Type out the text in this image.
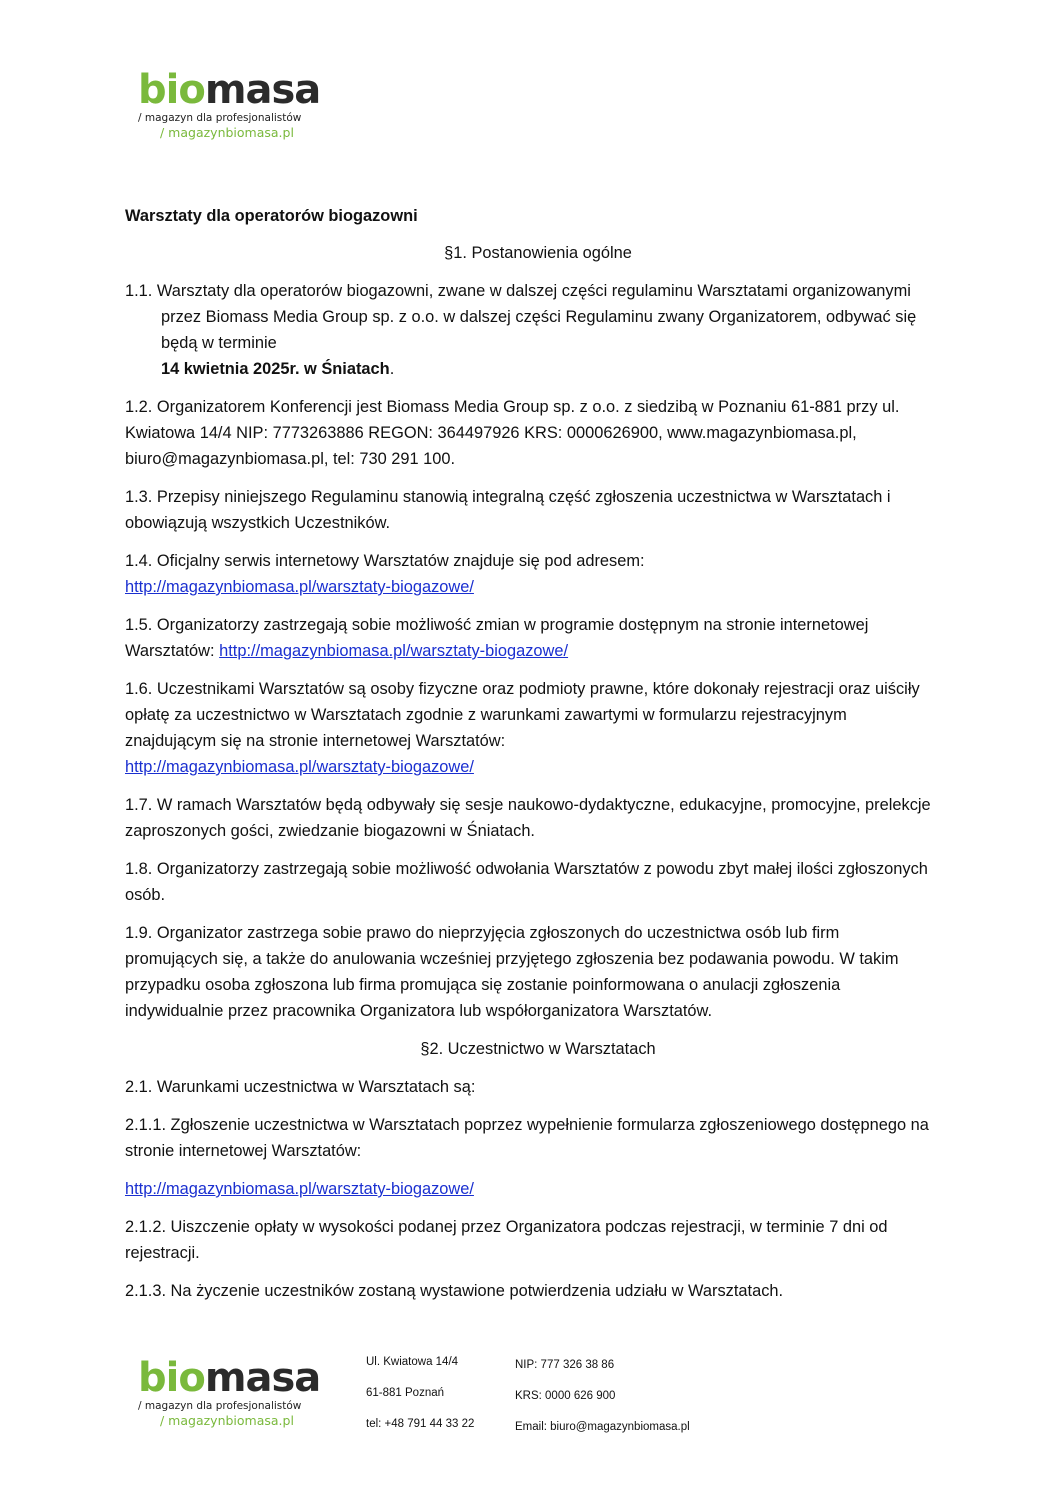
biomasa
/ magazyn dla profesjonalistów
/ magazynbiomasa.pl
Warsztaty dla operatorów biogazowni
§1. Postanowienia ogólne

1.1. Warsztaty dla operatorów biogazowni, zwane w dalszej części regulaminu Warsztatami organizowanymi przez Biomass Media Group sp. z o.o. w dalszej części Regulaminu zwany Organizatorem, odbywać się będą w terminie
14 kwietnia 2025r. w Śniatach.

1.2. Organizatorem Konferencji jest Biomass Media Group sp. z o.o. z siedzibą w Poznaniu 61-881 przy ul. Kwiatowa 14/4 NIP: 7773263886 REGON: 364497926 KRS: 0000626900, www.magazynbiomasa.pl, biuro@magazynbiomasa.pl, tel: 730 291 100.

1.3. Przepisy niniejszego Regulaminu stanowią integralną część zgłoszenia uczestnictwa w Warsztatach i obowiązują wszystkich Uczestników.

1.4. Oficjalny serwis internetowy Warsztatów znajduje się pod adresem:
http://magazynbiomasa.pl/warsztaty-biogazowe/

1.5. Organizatorzy zastrzegają sobie możliwość zmian w programie dostępnym na stronie internetowej Warsztatów: http://magazynbiomasa.pl/warsztaty-biogazowe/

1.6. Uczestnikami Warsztatów są osoby fizyczne oraz podmioty prawne, które dokonały rejestracji oraz uiściły opłatę za uczestnictwo w Warsztatach zgodnie z warunkami zawartymi w formularzu rejestracyjnym znajdującym się na stronie internetowej Warsztatów:
http://magazynbiomasa.pl/warsztaty-biogazowe/

1.7. W ramach Warsztatów będą odbywały się sesje naukowo-dydaktyczne, edukacyjne, promocyjne, prelekcje zaproszonych gości, zwiedzanie biogazowni w Śniatach.

1.8. Organizatorzy zastrzegają sobie możliwość odwołania Warsztatów z powodu zbyt małej ilości zgłoszonych osób.

1.9. Organizator zastrzega sobie prawo do nieprzyjęcia zgłoszonych do uczestnictwa osób lub firm promujących się, a także do anulowania wcześniej przyjętego zgłoszenia bez podawania powodu. W takim przypadku osoba zgłoszona lub firma promująca się zostanie poinformowana o anulacji zgłoszenia indywidualnie przez pracownika Organizatora lub współorganizatora Warsztatów.

§2. Uczestnictwo w Warsztatach

2.1. Warunkami uczestnictwa w Warsztatach są:

2.1.1. Zgłoszenie uczestnictwa w Warsztatach poprzez wypełnienie formularza zgłoszeniowego dostępnego na stronie internetowej Warsztatów:

http://magazynbiomasa.pl/warsztaty-biogazowe/

2.1.2. Uiszczenie opłaty w wysokości podanej przez Organizatora podczas rejestracji, w terminie 7 dni od rejestracji.

2.1.3. Na życzenie uczestników zostaną wystawione potwierdzenia udziału w Warsztatach.

biomasa
/ magazyn dla profesjonalistów
/ magazynbiomasa.pl
Ul. Kwiatowa 14/4
61-881 Poznań
tel: +48 791 44 33 22
NIP: 777 326 38 86
KRS: 0000 626 900
Email: biuro@magazynbiomasa.pl
